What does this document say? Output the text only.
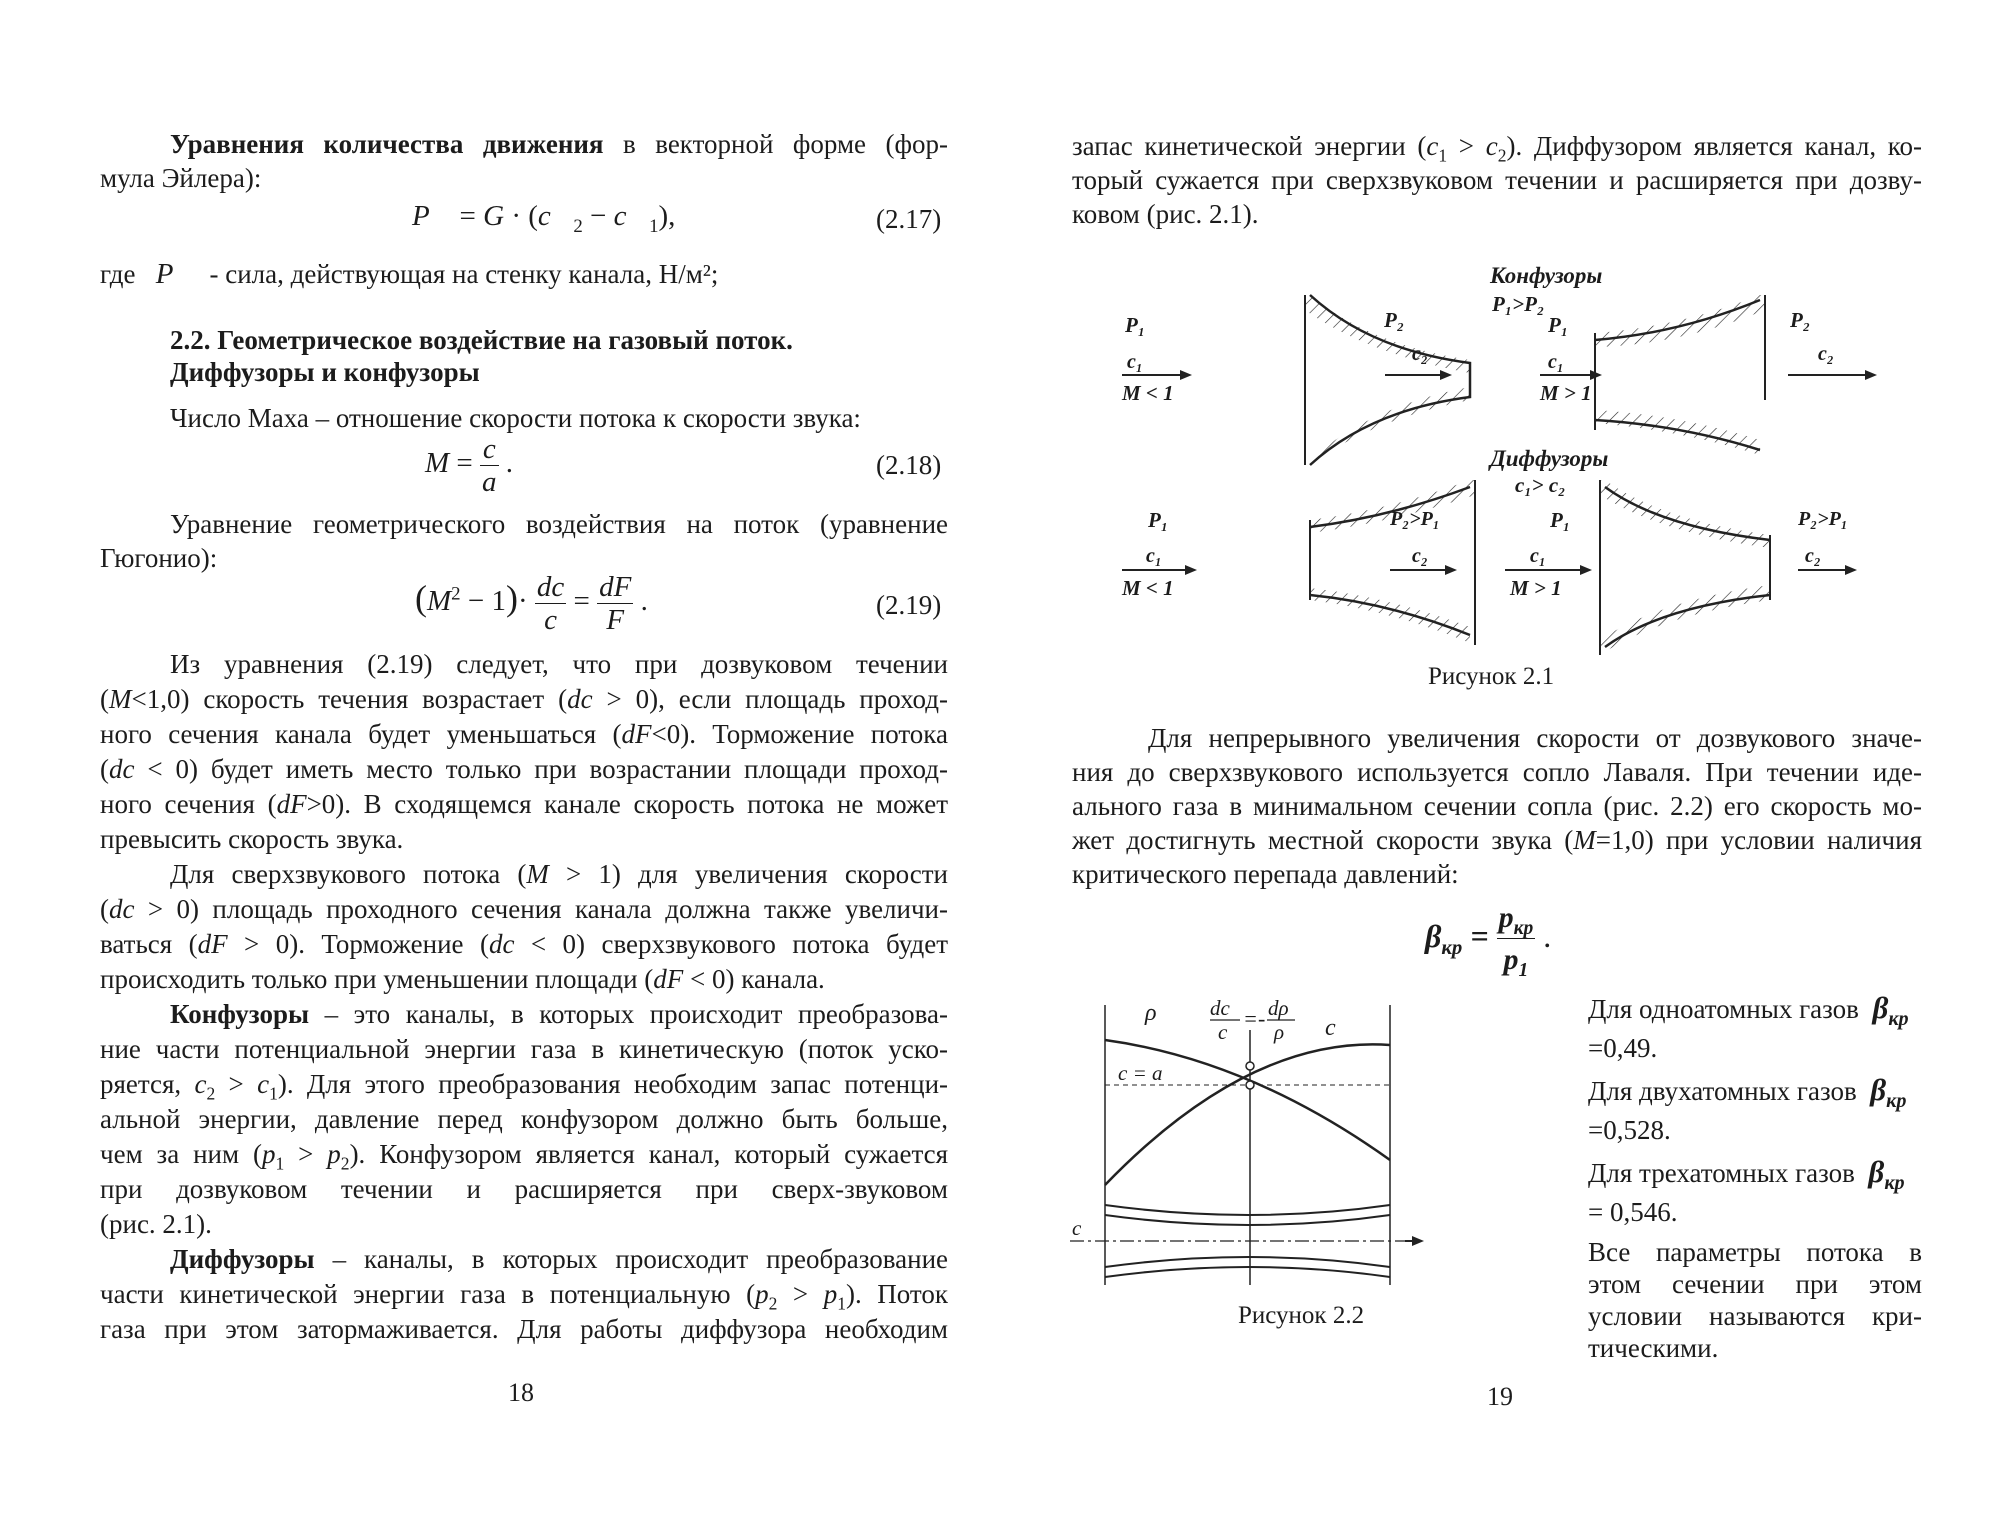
Уравнения количества движения в векторной форме (фор-
мула Эйлера):
P⃗ = $G \cdot (c⃗_2$ − $c⃗_1$),	(2.17)
где P⃗ - сила, действующая на стенку канала, Н/м²;
2.2. Геометрическое воздействие на газовый поток.
Диффузоры и конфузоры
Число Маха – отношение скорости потока к скорости звука:
$M = \frac{c}{a}$ .	(2.18)
Уравнение геометрического воздействия на поток (уравнение
Гюгонио):
$(M^2 - 1)\cdot \frac{dc}{c} = \frac{dF}{F}$ .	(2.19)
Из уравнения (2.19) следует, что при дозвуковом течении
(M<1,0) скорость течения возрастает (dc > 0), если площадь проход-
ного сечения канала будет уменьшаться (dF<0). Торможение потока
(dc < 0) будет иметь место только при возрастании площади проход-
ного сечения (dF>0). В сходящемся канале скорость потока не может
превысить скорость звука.
Для сверхзвукового потока (M > 1) для увеличения скорости
(dc > 0) площадь проходного сечения канала должна также увеличи-
ваться (dF > 0). Торможение (dc < 0) сверхзвукового потока будет
происходить только при уменьшении площади (dF < 0) канала.
Конфузоры – это каналы, в которых происходит преобразова-
ние части потенциальной энергии газа в кинетическую (поток уско-
ряется, $c_2 > c_1$). Для этого преобразования необходим запас потенци-
альной энергии, давление перед конфузором должно быть больше,
чем за ним $(p_1 > p_2)$. Конфузором является канал, который сужается
при дозвуковом течении и расширяется при сверх-звуковом
(рис. 2.1).
Диффузоры – каналы, в которых происходит преобразование
части кинетической энергии газа в потенциальную $(p_2 > p_1)$. Поток
газа при этом затормаживается. Для работы диффузора необходим
18
запас кинетической энергии $(c_1 > c_2)$. Диффузором является канал, ко-
торый сужается при сверхзвуковом течении и расширяется при дозву-
ковом (рис. 2.1).
Конфузоры
P₁>P₂
P₁
c₁
M < 1
P₂
c₂
P₁
c₁
M > 1
P₂
c₂
Диффузоры
c₁> c₂
P₁
c₁
M < 1
P₂>P₁
c₂
P₁
c₁
M > 1
P₂>P₁
c₂
Рисунок 2.1
Для непрерывного увеличения скорости от дозвукового значе-
ния до сверхзвукового используется сопло Лаваля. При течении иде-
ального газа в минимальном сечении сопла (рис. 2.2) его скорость мо-
жет достигнуть местной скорости звука (M=1,0) при условии наличия
критического перепада давлений:
$\beta_{кр} = \frac{p_{кр}}{p_1}$ .
ρ
c
c = a
dc
c
= - dρ
ρ
c
Рисунок 2.2
Для одноатомных газов $\beta_{кр}$
=0,49.
Для двухатомных газов $\beta_{кр}$
=0,528.
Для трехатомных газов $\beta_{кр}$
= 0,546.
Все параметры потока в
этом сечении при этом
условии называются кри-
тическими.
19
